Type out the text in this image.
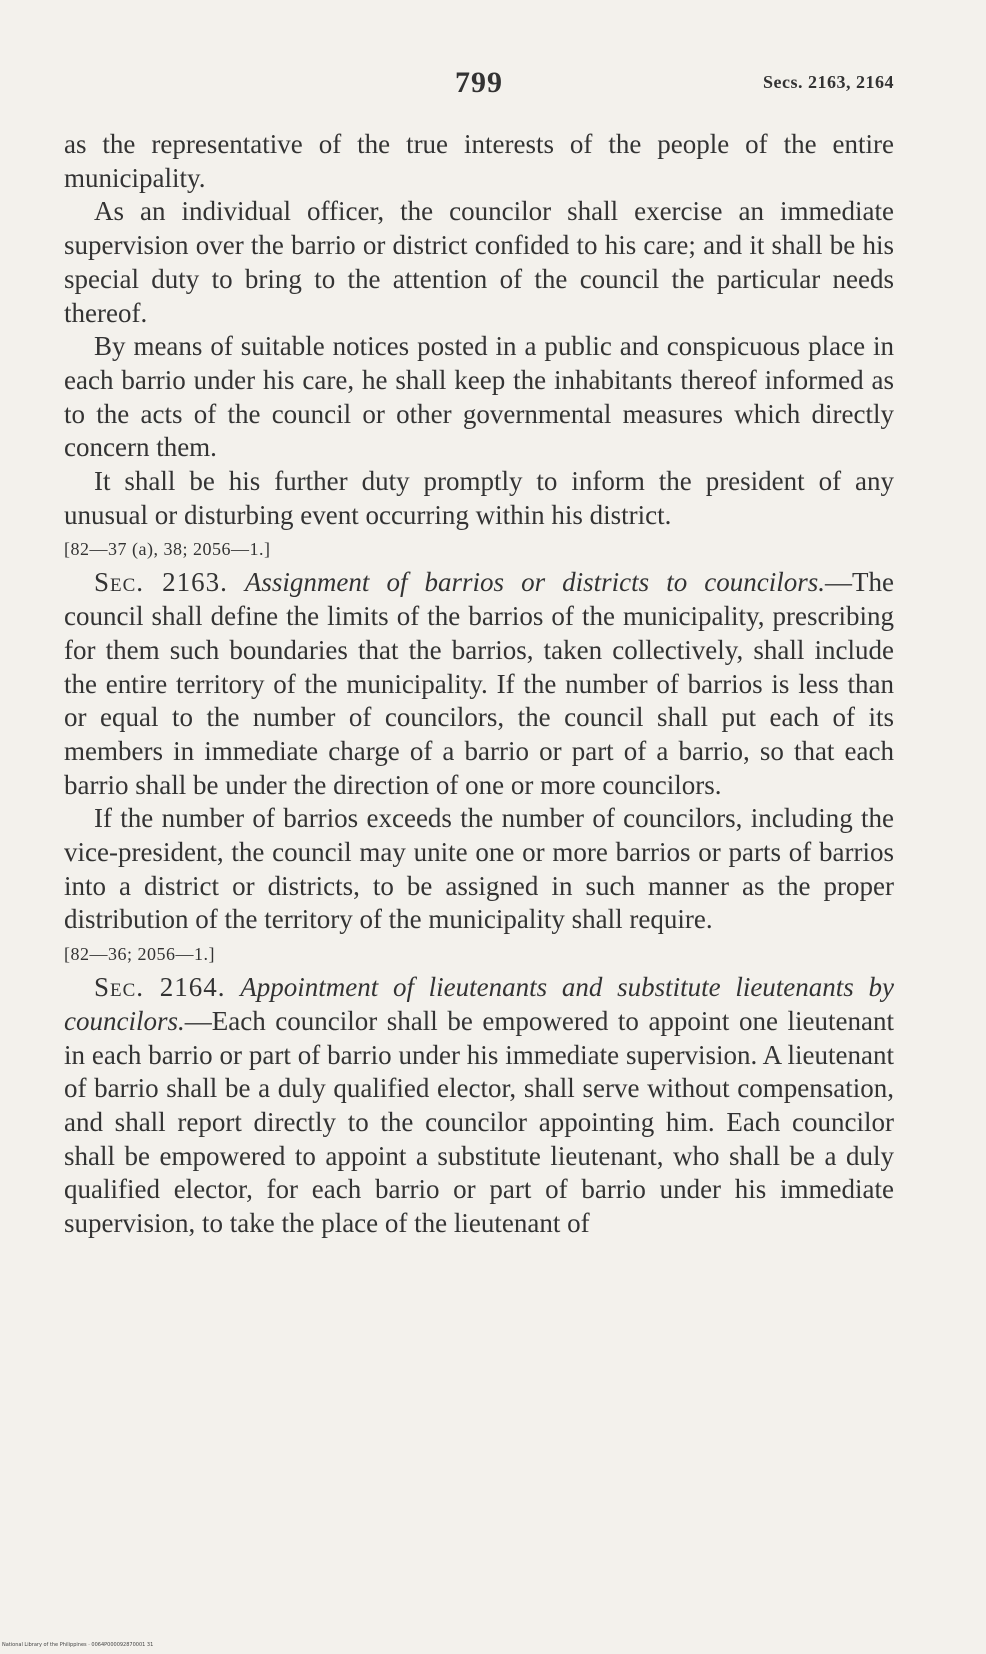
799	Secs. 2163, 2164

as the representative of the true interests of the people of the entire municipality.

As an individual officer, the councilor shall exercise an immediate supervision over the barrio or district confided to his care; and it shall be his special duty to bring to the attention of the council the particular needs thereof.

By means of suitable notices posted in a public and conspicuous place in each barrio under his care, he shall keep the inhabitants thereof informed as to the acts of the council or other governmental measures which directly concern them.

It shall be his further duty promptly to inform the president of any unusual or disturbing event occurring within his district.

[82—37 (a), 38; 2056—1.]

Sec. 2163. Assignment of barrios or districts to councilors.—The council shall define the limits of the barrios of the municipality, prescribing for them such boundaries that the barrios, taken collectively, shall include the entire territory of the municipality. If the number of barrios is less than or equal to the number of councilors, the council shall put each of its members in immediate charge of a barrio or part of a barrio, so that each barrio shall be under the direction of one or more councilors.

If the number of barrios exceeds the number of councilors, including the vice-president, the council may unite one or more barrios or parts of barrios into a district or districts, to be assigned in such manner as the proper distribution of the territory of the municipality shall require.

[82—36; 2056—1.]

Sec. 2164. Appointment of lieutenants and substitute lieutenants by councilors.—Each councilor shall be empowered to appoint one lieutenant in each barrio or part of barrio under his immediate supervision. A lieutenant of barrio shall be a duly qualified elector, shall serve without compensation, and shall report directly to the councilor appointing him. Each councilor shall be empowered to appoint a substitute lieutenant, who shall be a duly qualified elector, for each barrio or part of barrio under his immediate supervision, to take the place of the lieutenant of

National Library of the Philippines · 0064P000092870001 31
